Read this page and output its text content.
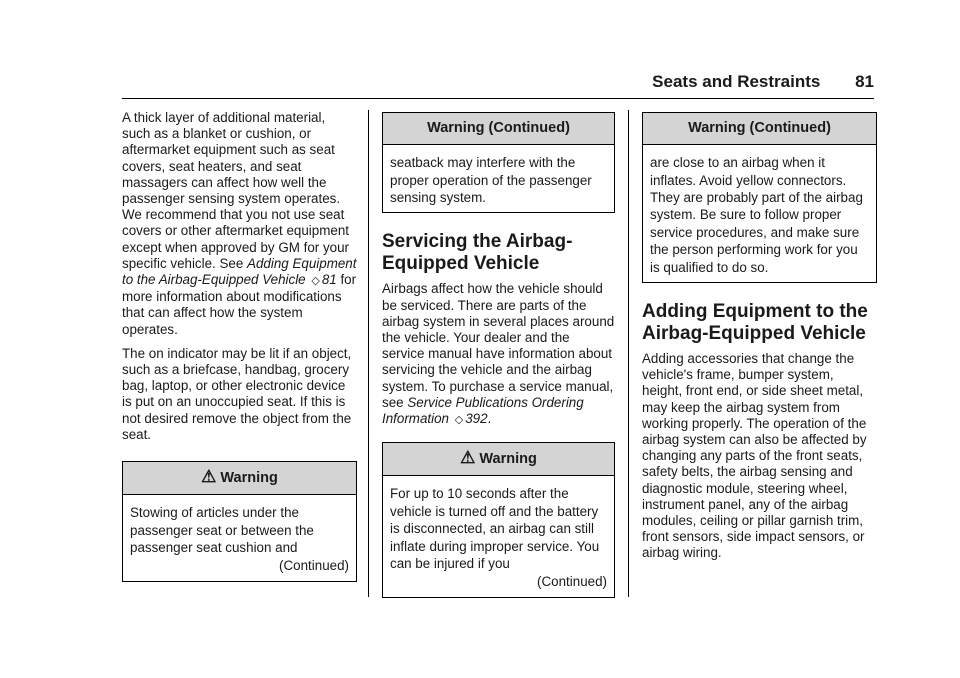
Seats and Restraints 81

A thick layer of additional material, such as a blanket or cushion, or aftermarket equipment such as seat covers, seat heaters, and seat massagers can affect how well the passenger sensing system operates. We recommend that you not use seat covers or other aftermarket equipment except when approved by GM for your specific vehicle. See Adding Equipment to the Airbag-Equipped Vehicle ◇ 81 for more information about modifications that can affect how the system operates.

The on indicator may be lit if an object, such as a briefcase, handbag, grocery bag, laptop, or other electronic device is put on an unoccupied seat. If this is not desired remove the object from the seat.

⚠ Warning

Stowing of articles under the passenger seat or between the passenger seat cushion and

(Continued)
Warning (Continued)

seatback may interfere with the proper operation of the passenger sensing system.

Servicing the Airbag-Equipped Vehicle

Airbags affect how the vehicle should be serviced. There are parts of the airbag system in several places around the vehicle. Your dealer and the service manual have information about servicing the vehicle and the airbag system. To purchase a service manual, see Service Publications Ordering Information ◇ 392.

⚠ Warning

For up to 10 seconds after the vehicle is turned off and the battery is disconnected, an airbag can still inflate during improper service. You can be injured if you

(Continued)
Warning (Continued)

are close to an airbag when it inflates. Avoid yellow connectors. They are probably part of the airbag system. Be sure to follow proper service procedures, and make sure the person performing work for you is qualified to do so.

Adding Equipment to the Airbag-Equipped Vehicle

Adding accessories that change the vehicle's frame, bumper system, height, front end, or side sheet metal, may keep the airbag system from working properly. The operation of the airbag system can also be affected by changing any parts of the front seats, safety belts, the airbag sensing and diagnostic module, steering wheel, instrument panel, any of the airbag modules, ceiling or pillar garnish trim, front sensors, side impact sensors, or airbag wiring.
